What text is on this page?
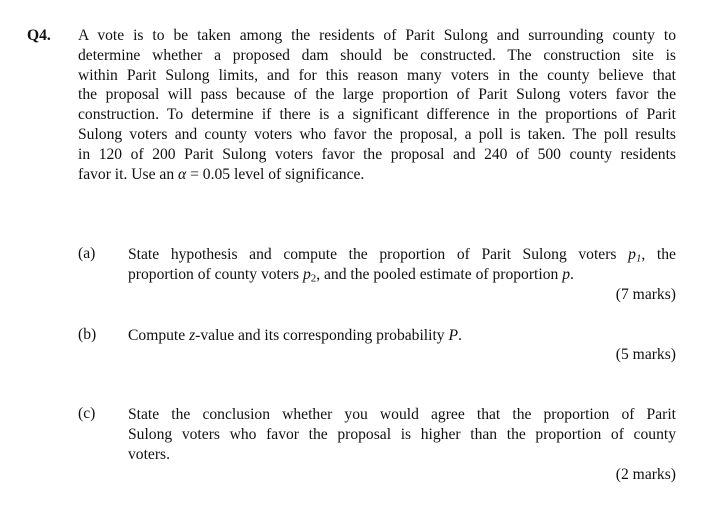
Q4. A vote is to be taken among the residents of Parit Sulong and surrounding county to
determine whether a proposed dam should be constructed. The construction site is
within Parit Sulong limits, and for this reason many voters in the county believe that
the proposal will pass because of the large proportion of Parit Sulong voters favor the
construction. To determine if there is a significant difference in the proportions of Parit
Sulong voters and county voters who favor the proposal, a poll is taken. The poll results
in 120 of 200 Parit Sulong voters favor the proposal and 240 of 500 county residents
favor it. Use an α = 0.05 level of significance.
(a) State hypothesis and compute the proportion of Parit Sulong voters $p_1$, the
proportion of county voters $p_2$, and the pooled estimate of proportion p.
(7 marks)
(b) Compute z-value and its corresponding probability P.
(5 marks)
(c) State the conclusion whether you would agree that the proportion of Parit
Sulong voters who favor the proposal is higher than the proportion of county
voters.
(2 marks)
